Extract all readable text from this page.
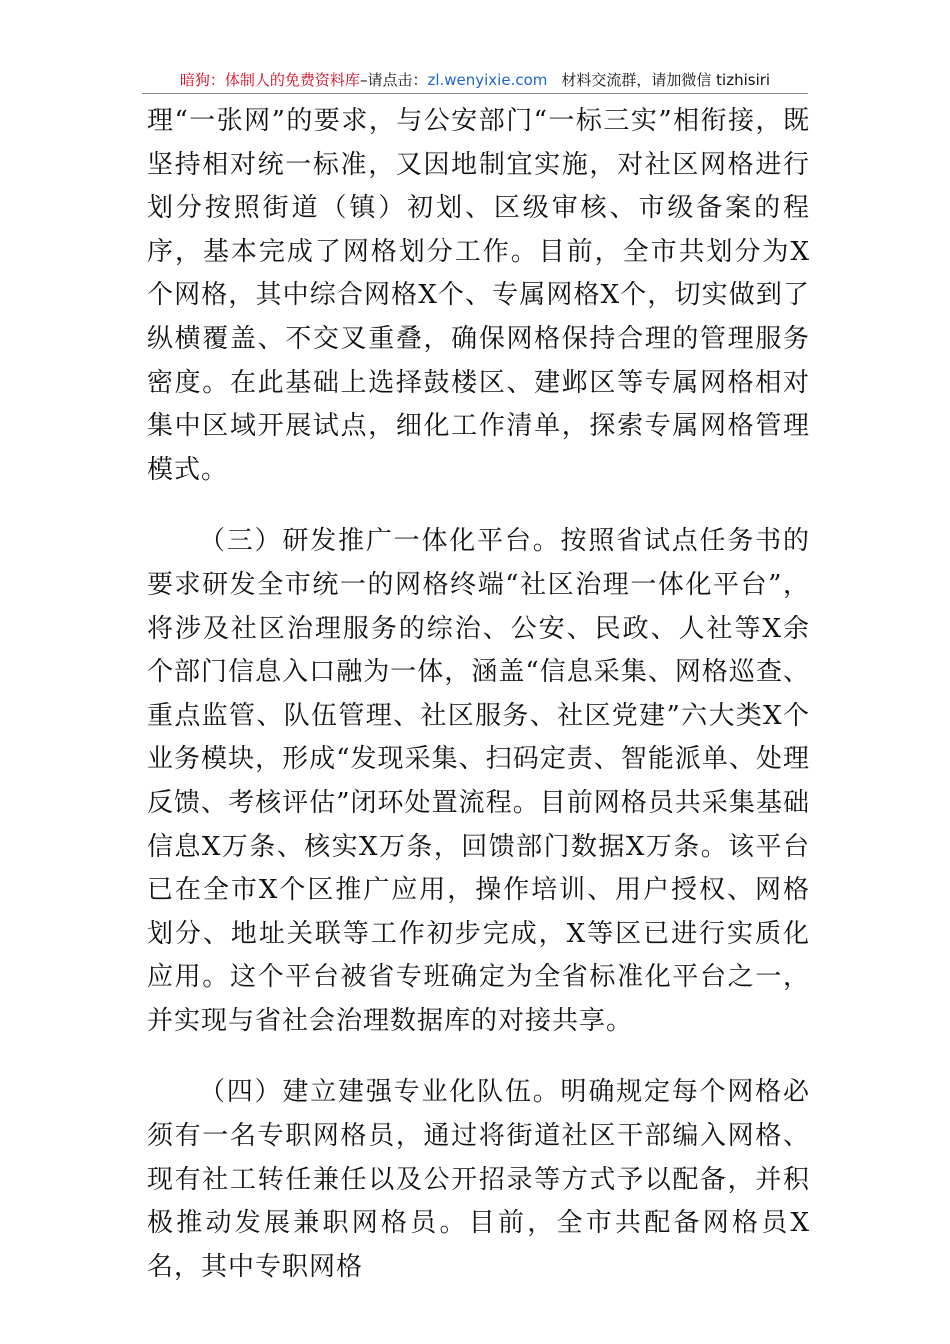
暗狗：体制人的免费资料库–请点击：zl.wenyixie.com 材料交流群，请加微信 tizhisiri

理“一张网”的要求，与公安部门“一标三实”相衔接，既坚持相对统一标准，又因地制宜实施，对社区网格进行划分按照街道（镇）初划、区级审核、市级备案的程序，基本完成了网格划分工作。目前，全市共划分为X个网格，其中综合网格X个、专属网格X个，切实做到了纵横覆盖、不交叉重叠，确保网格保持合理的管理服务密度。在此基础上选择鼓楼区、建邺区等专属网格相对集中区域开展试点，细化工作清单，探索专属网格管理模式。

（三）研发推广一体化平台。按照省试点任务书的要求研发全市统一的网格终端“社区治理一体化平台”，将涉及社区治理服务的综治、公安、民政、人社等X余个部门信息入口融为一体，涵盖“信息采集、网格巡查、重点监管、队伍管理、社区服务、社区党建”六大类X个业务模块，形成“发现采集、扫码定责、智能派单、处理反馈、考核评估”闭环处置流程。目前网格员共采集基础信息X万条、核实X万条，回馈部门数据X万条。该平台已在全市X个区推广应用，操作培训、用户授权、网格划分、地址关联等工作初步完成，X等区已进行实质化应用。这个平台被省专班确定为全省标准化平台之一，并实现与省社会治理数据库的对接共享。

（四）建立建强专业化队伍。明确规定每个网格必须有一名专职网格员，通过将街道社区干部编入网格、现有社工转任兼任以及公开招录等方式予以配备，并积极推动发展兼职网格员。目前，全市共配备网格员X名，其中专职网格
